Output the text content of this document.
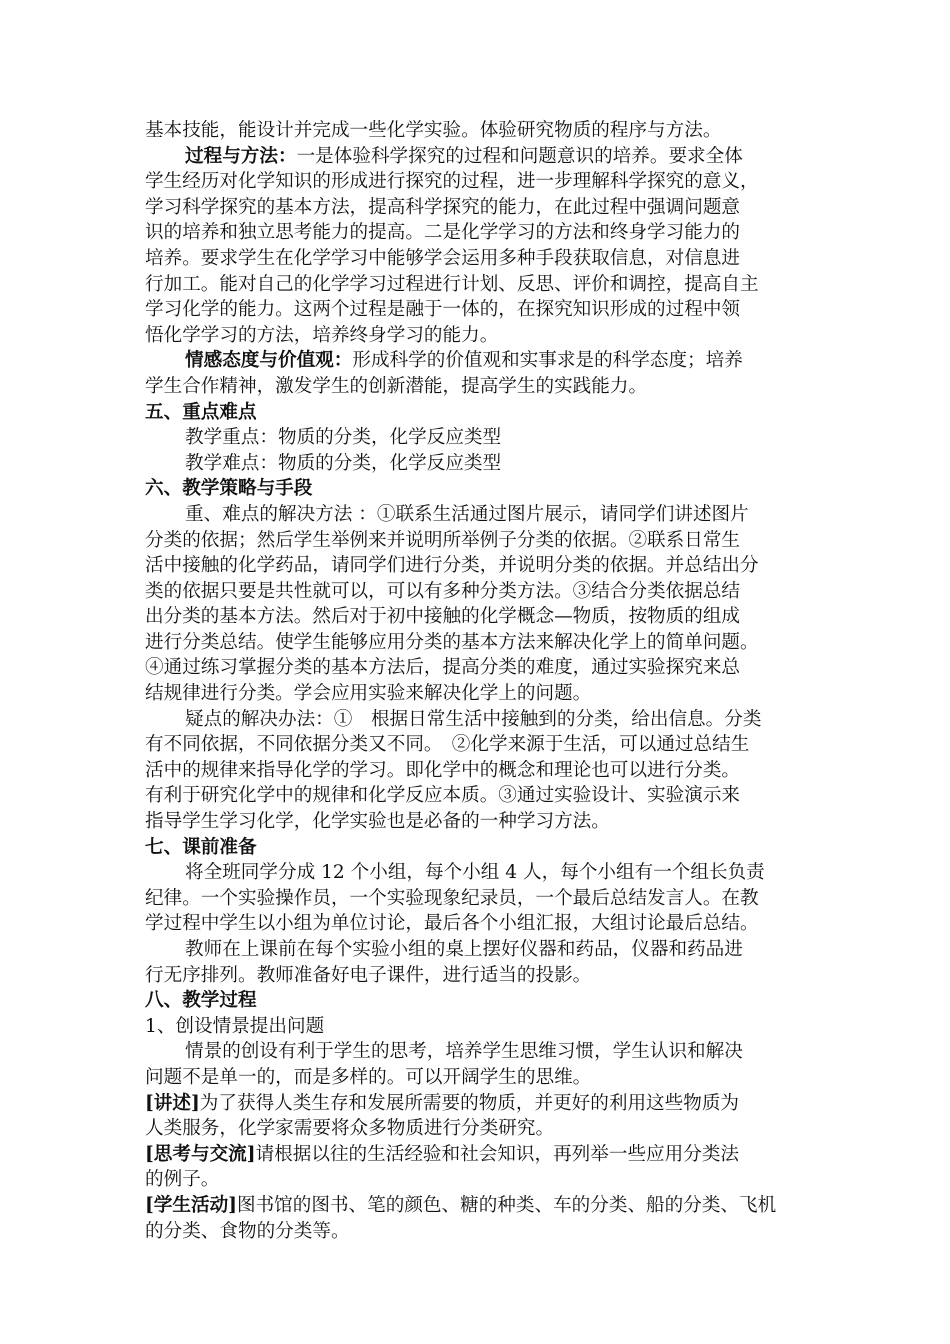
基本技能，能设计并完成一些化学实验。体验研究物质的程序与方法。
过程与方法：一是体验科学探究的过程和问题意识的培养。要求全体
学生经历对化学知识的形成进行探究的过程，进一步理解科学探究的意义，
学习科学探究的基本方法，提高科学探究的能力，在此过程中强调问题意
识的培养和独立思考能力的提高。二是化学学习的方法和终身学习能力的
培养。要求学生在化学学习中能够学会运用多种手段获取信息，对信息进
行加工。能对自己的化学学习过程进行计划、反思、评价和调控，提高自主
学习化学的能力。这两个过程是融于一体的，在探究知识形成的过程中领
悟化学学习的方法，培养终身学习的能力。
情感态度与价值观：形成科学的价值观和实事求是的科学态度；培养
学生合作精神，激发学生的创新潜能，提高学生的实践能力。
五、重点难点
教学重点：物质的分类，化学反应类型
教学难点：物质的分类，化学反应类型
六、教学策略与手段
重、难点的解决方法 ：①联系生活通过图片展示，请同学们讲述图片
分类的依据；然后学生举例来并说明所举例子分类的依据。②联系日常生
活中接触的化学药品，请同学们进行分类，并说明分类的依据。并总结出分
类的依据只要是共性就可以，可以有多种分类方法。③结合分类依据总结
出分类的基本方法。然后对于初中接触的化学概念—物质，按物质的组成
进行分类总结。使学生能够应用分类的基本方法来解决化学上的简单问题。
④通过练习掌握分类的基本方法后，提高分类的难度，通过实验探究来总
结规律进行分类。学会应用实验来解决化学上的问题。
疑点的解决办法：①　根据日常生活中接触到的分类，给出信息。分类
有不同依据，不同依据分类又不同。　②化学来源于生活，可以通过总结生
活中的规律来指导化学的学习。即化学中的概念和理论也可以进行分类。
有利于研究化学中的规律和化学反应本质。③通过实验设计、实验演示来
指导学生学习化学，化学实验也是必备的一种学习方法。
七、课前准备
将全班同学分成 12 个小组，每个小组 4 人，每个小组有一个组长负责
纪律。一个实验操作员，一个实验现象纪录员，一个最后总结发言人。在教
学过程中学生以小组为单位讨论，最后各个小组汇报，大组讨论最后总结。
教师在上课前在每个实验小组的桌上摆好仪器和药品，仪器和药品进
行无序排列。教师准备好电子课件，进行适当的投影。
八、教学过程
1、创设情景提出问题
情景的创设有利于学生的思考，培养学生思维习惯，学生认识和解决
问题不是单一的，而是多样的。可以开阔学生的思维。
[讲述]为了获得人类生存和发展所需要的物质，并更好的利用这些物质为
人类服务，化学家需要将众多物质进行分类研究。
[思考与交流]请根据以往的生活经验和社会知识，再列举一些应用分类法
的例子。
[学生活动]图书馆的图书、笔的颜色、糖的种类、车的分类、船的分类、飞机
的分类、食物的分类等。
